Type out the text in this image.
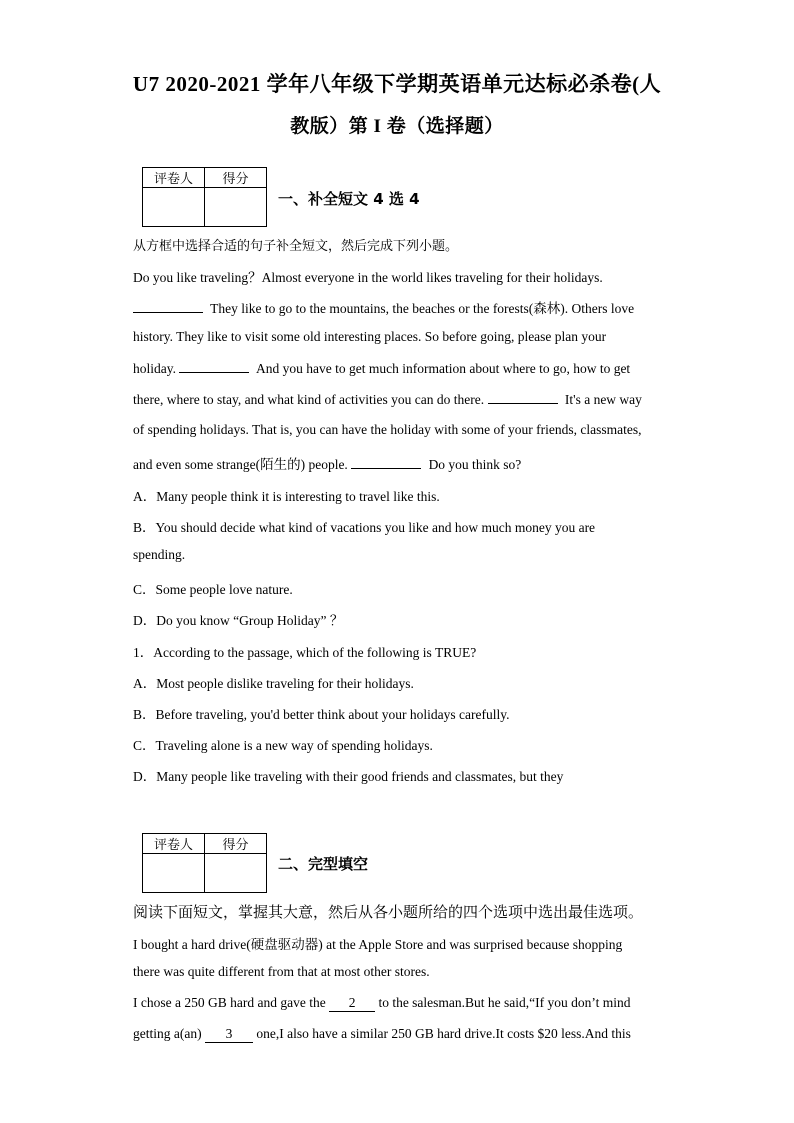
U7 2020-2021 学年八年级下学期英语单元达标必杀卷(人
教版）第 I 卷（选择题）
评卷人	得分

一、补全短文 4 选 4
从方框中选择合适的句子补全短文，然后完成下列小题。
Do you like traveling？Almost everyone in the world likes traveling for their holidays.
They like to go to the mountains, the beaches or the forests(森林). Others love
history. They like to visit some old interesting places. So before going, please plan your
holiday.	And you have to get much information about where to go, how to get
there, where to stay, and what kind of activities you can do there.	It's a new way
of spending holidays. That is, you can have the holiday with some of your friends, classmates,
and even some strange(陌生的) people.	Do you think so?
A．Many people think it is interesting to travel like this.
B．You should decide what kind of vacations you like and how much money you are
spending.
C．Some people love nature.
D．Do you know “Group Holiday” ？
1．According to the passage, which of the following is TRUE?
A．Most people dislike traveling for their holidays.
B．Before traveling, you'd better think about your holidays carefully.
C．Traveling alone is a new way of spending holidays.
D．Many people like traveling with their good friends and classmates, but they
评卷人	得分

二、完型填空
阅读下面短文，掌握其大意，然后从各小题所给的四个选项中选出最佳选项。
I bought a hard drive(硬盘驱动器) at the Apple Store and was surprised because shopping
there was quite different from that at most other stores.
I chose a 250 GB hard and gave the 2 to the salesman.But he said,“If you don’t mind
getting a(an) 3 one,I also have a similar 250 GB hard drive.It costs $20 less.And this
